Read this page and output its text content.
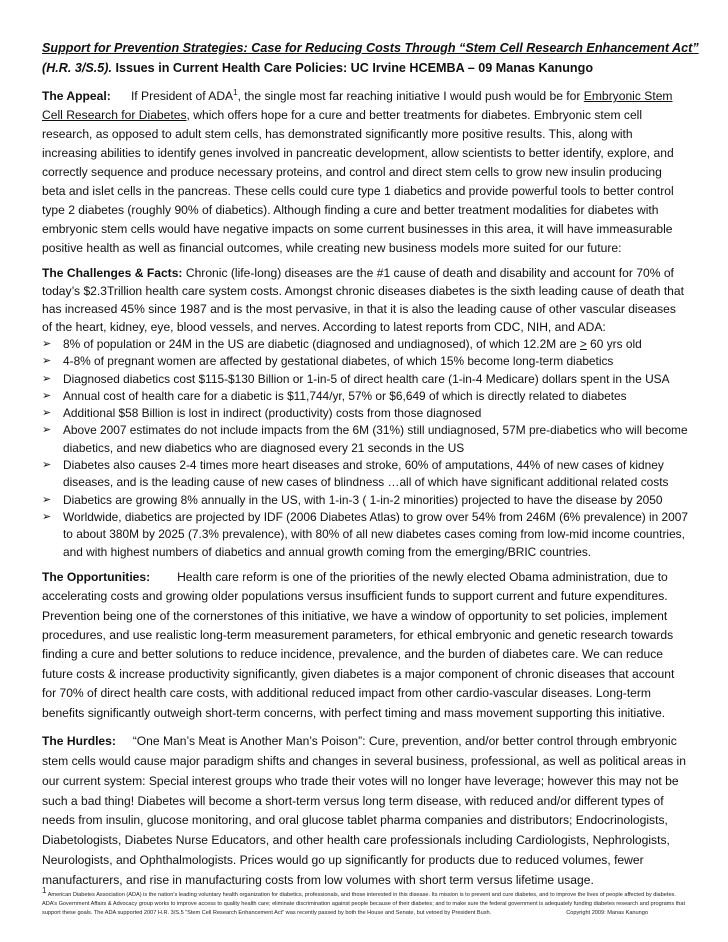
Support for Prevention Strategies: Case for Reducing Costs Through “Stem Cell Research Enhancement Act”
(H.R. 3/S.5). Issues in Current Health Care Policies: UC Irvine HCEMBA – 09 Manas Kanungo

The Appeal: If President of ADA$^1$, the single most far reaching initiative I would push would be for Embryonic Stem Cell Research for Diabetes, which offers hope for a cure and better treatments for diabetes. Embryonic stem cell research, as opposed to adult stem cells, has demonstrated significantly more positive results. This, along with increasing abilities to identify genes involved in pancreatic development, allow scientists to better identify, explore, and correctly sequence and produce necessary proteins, and control and direct stem cells to grow new insulin producing beta and islet cells in the pancreas. These cells could cure type 1 diabetics and provide powerful tools to better control type 2 diabetes (roughly 90% of diabetics). Although finding a cure and better treatment modalities for diabetes with embryonic stem cells would have negative impacts on some current businesses in this area, it will have immeasurable positive health as well as financial outcomes, while creating new business models more suited for our future:

The Challenges & Facts: Chronic (life-long) diseases are the #1 cause of death and disability and account for 70% of today’s $2.3Trillion health care system costs. Amongst chronic diseases diabetes is the sixth leading cause of death that has increased 45% since 1987 and is the most pervasive, in that it is also the leading cause of other vascular diseases of the heart, kidney, eye, blood vessels, and nerves. According to latest reports from CDC, NIH, and ADA:

➢ 8% of population or 24M in the US are diabetic (diagnosed and undiagnosed), of which 12.2M are ≥ 60 yrs old
➢ 4-8% of pregnant women are affected by gestational diabetes, of which 15% become long-term diabetics
➢ Diagnosed diabetics cost $115-$130 Billion or 1-in-5 of direct health care (1-in-4 Medicare) dollars spent in the USA
➢ Annual cost of health care for a diabetic is $11,744/yr, 57% or $6,649 of which is directly related to diabetes
➢ Additional $58 Billion is lost in indirect (productivity) costs from those diagnosed
➢ Above 2007 estimates do not include impacts from the 6M (31%) still undiagnosed, 57M pre-diabetics who will become diabetics, and new diabetics who are diagnosed every 21 seconds in the US
➢ Diabetes also causes 2-4 times more heart diseases and stroke, 60% of amputations, 44% of new cases of kidney diseases, and is the leading cause of new cases of blindness …all of which have significant additional related costs
➢ Diabetics are growing 8% annually in the US, with 1-in-3 ( 1-in-2 minorities) projected to have the disease by 2050
➢ Worldwide, diabetics are projected by IDF (2006 Diabetes Atlas) to grow over 54% from 246M (6% prevalence) in 2007 to about 380M by 2025 (7.3% prevalence), with 80% of all new diabetes cases coming from low-mid income countries, and with highest numbers of diabetics and annual growth coming from the emerging/BRIC countries.

The Opportunities: Health care reform is one of the priorities of the newly elected Obama administration, due to accelerating costs and growing older populations versus insufficient funds to support current and future expenditures. Prevention being one of the cornerstones of this initiative, we have a window of opportunity to set policies, implement procedures, and use realistic long-term measurement parameters, for ethical embryonic and genetic research towards finding a cure and better solutions to reduce incidence, prevalence, and the burden of diabetes care. We can reduce future costs & increase productivity significantly, given diabetes is a major component of chronic diseases that account for 70% of direct health care costs, with additional reduced impact from other cardio-vascular diseases. Long-term benefits significantly outweigh short-term concerns, with perfect timing and mass movement supporting this initiative.

The Hurdles: “One Man’s Meat is Another Man’s Poison”: Cure, prevention, and/or better control through embryonic stem cells would cause major paradigm shifts and changes in several business, professional, as well as political areas in our current system: Special interest groups who trade their votes will no longer have leverage; however this may not be such a bad thing! Diabetes will become a short-term versus long term disease, with reduced and/or different types of needs from insulin, glucose monitoring, and oral glucose tablet pharma companies and distributors; Endocrinologists, Diabetologists, Diabetes Nurse Educators, and other health care professionals including Cardiologists, Nephrologists, Neurologists, and Ophthalmologists. Prices would go up significantly for products due to reduced volumes, fewer manufacturers, and rise in manufacturing costs from low volumes with short term versus lifetime usage.

$^1$ American Diabetes Association (ADA) is the nation’s leading voluntary health organization for diabetics, professionals, and those interested in this disease. Its mission is to prevent and cure diabetes, and to improve the lives of people affected by diabetes. ADA’s Government Affairs & Advocacy group works to improve access to quality health care; eliminate discrimination against people because of their diabetes; and to make sure the federal government is adequately funding diabetes research and programs that support these goals. The ADA supported 2007 H.R. 3/S.5 “Stem Cell Research Enhancement Act” was recently passed by both the House and Senate, but vetoed by President Bush.	Copyright 2009: Manas Kanungo
